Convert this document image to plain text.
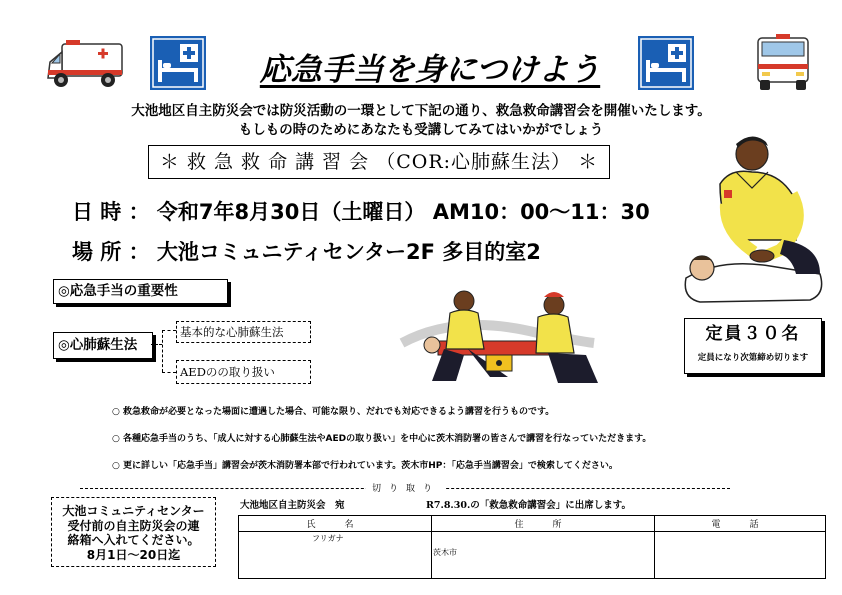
応急手当を身につけよう
大池地区自主防災会では防災活動の一環として下記の通り、救急救命講習会を開催いたします。
もしもの時のためにあなたも受講してみてはいかがでしょう
＊ 救 急 救 命 講 習 会 （COR:心肺蘇生法） ＊
日 時 ： 令和7年8月30日（土曜日） AM10：00～11：30
場 所 ： 大池コミュニティセンター2F 多目的室2
◎応急手当の重要性
◎心肺蘇生法
基本的な心肺蘇生法
AEDのの取り扱い
定員３０名
定員になり次第締め切ります
○ 救急救命が必要となった場面に遭遇した場合、可能な限り、だれでも対応できるよう講習を行うものです。
○ 各種応急手当のうち、「成人に対する心肺蘇生法やAEDの取り扱い」を中心に茨木消防署の皆さんで講習を行なっていただきます。
○ 更に詳しい「応急手当」講習会が茨木消防署本部で行われています。茨木市HP：「応急手当講習会」で検索してください。
切り取り
大池コミュニティセンター
受付前の自主防災会の連
絡箱へ入れてください。
8月1日～20日迄
大池地区自主防災会　宛	R7.8.30.の「救急救命講習会」に出席します。
氏　名	住　所	電　話
フリガナ	茨木市	
